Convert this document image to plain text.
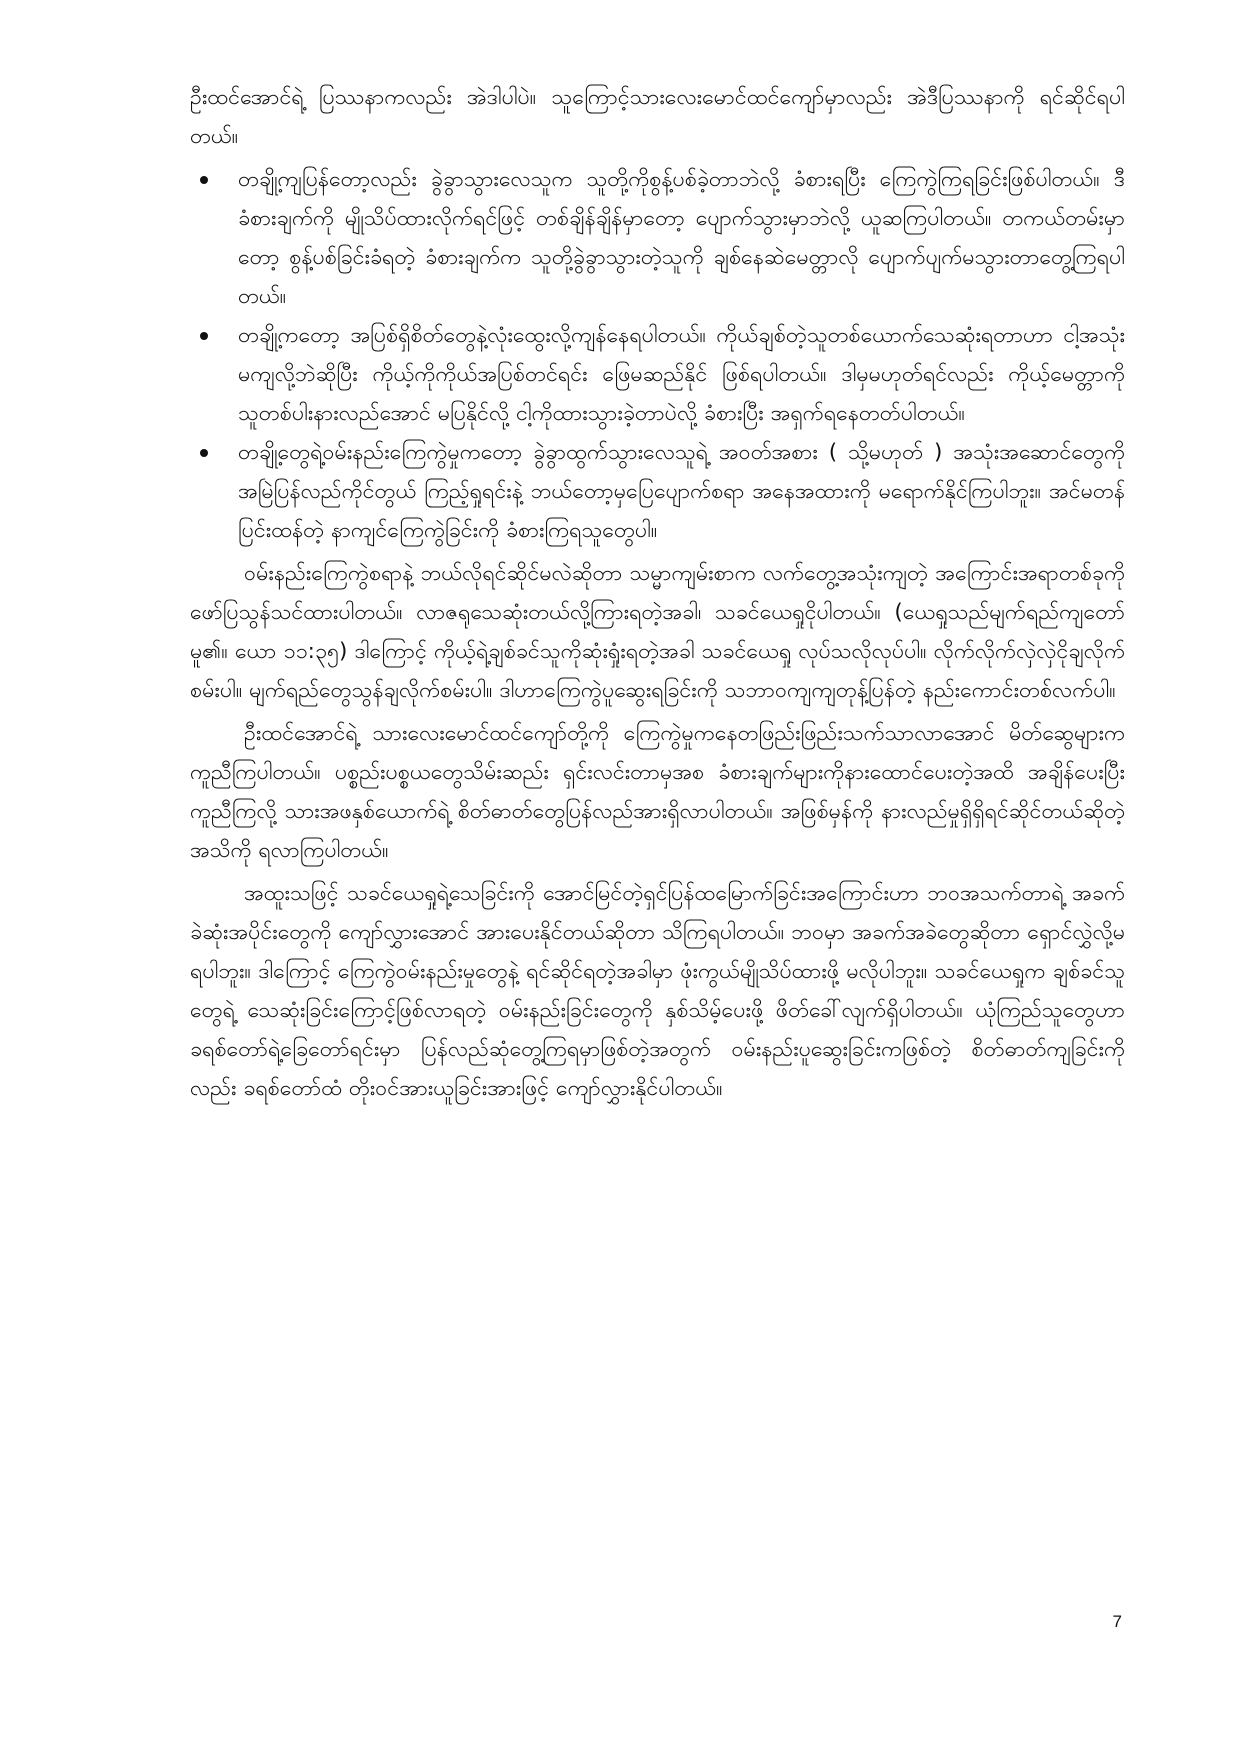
ဦးထင်အောင်ရဲ့ ပြဿနာကလည်း အဲဒါပါပဲ။ သူကြောင့်သားလေးမောင်ထင်ကျော်မှာလည်း အဲဒီပြဿနာကို ရင်ဆိုင်ရပါတယ်။

တချို့ကျပြန်တော့လည်း ခွဲခွာသွားလေသူက သူတို့ကိုစွန့်ပစ်ခဲ့တာဘဲလို့ ခံစားရပြီး ကြေကွဲကြရခြင်းဖြစ်ပါတယ်။ ဒီခံစားချက်ကို မျိုသိပ်ထားလိုက်ရင်ဖြင့် တစ်ချိန်ချိန်မှာတော့ ပျောက်သွားမှာဘဲလို့ ယူဆကြပါတယ်။ တကယ်တမ်းမှာတော့ စွန့်ပစ်ခြင်းခံရတဲ့ ခံစားချက်က သူတို့ခွဲခွာသွားတဲ့သူကို ချစ်နေဆဲမေတ္တာလို ပျောက်ပျက်မသွားတာတွေ့ကြရပါတယ်။
တချို့ကတော့ အပြစ်ရှိစိတ်တွေနဲ့လုံးထွေးလို့ကျန်နေရပါတယ်။ ကိုယ်ချစ်တဲ့သူတစ်ယောက်သေဆုံးရတာဟာ ငါ့အသုံးမကျလို့ဘဲဆိုပြီး ကိုယ့်ကိုကိုယ်အပြစ်တင်ရင်း ဖြေမဆည်နိုင် ဖြစ်ရပါတယ်။ ဒါမှမဟုတ်ရင်လည်း ကိုယ့်မေတ္တာကို သူတစ်ပါးနားလည်အောင် မပြနိုင်လို့ ငါ့ကိုထားသွားခဲ့တာပဲလို့ ခံစားပြီး အရှက်ရနေတတ်ပါတယ်။
တချို့တွေရဲ့ဝမ်းနည်းကြေကွဲမှုကတော့ ခွဲခွာထွက်သွားလေသူရဲ့ အဝတ်အစား ( သို့မဟုတ် ) အသုံးအဆောင်တွေကို အမြဲပြန်လည်ကိုင်တွယ် ကြည့်ရှုရင်းနဲ့ ဘယ်တော့မှပြေပျောက်စရာ အနေအထားကို မရောက်နိုင်ကြပါဘူး။ အင်မတန်ပြင်းထန်တဲ့ နာကျင်ကြေကွဲခြင်းကို ခံစားကြရသူတွေပါ။

ဝမ်းနည်းကြေကွဲစရာနဲ့ ဘယ်လိုရင်ဆိုင်မလဲဆိုတာ သမ္မာကျမ်းစာက လက်တွေ့အသုံးကျတဲ့ အကြောင်းအရာတစ်ခုကို ဖော်ပြသွန်သင်ထားပါတယ်။ လာဇရုသေဆုံးတယ်လို့ကြားရတဲ့အခါ၊ သခင်ယေရှုငိုပါတယ်။ (ယေရှုသည်မျက်ရည်ကျတော်မူ၏။ ယော ၁၁:၃၅) ဒါကြောင့် ကိုယ့်ရဲ့ချစ်ခင်သူကိုဆုံးရှုံးရတဲ့အခါ သခင်ယေရှု လုပ်သလိုလုပ်ပါ။ လိုက်လိုက်လှဲလှဲငိုချလိုက်စမ်းပါ။ မျက်ရည်တွေသွန်ချလိုက်စမ်းပါ။ ဒါဟာကြေကွဲပူဆွေးရခြင်းကို သဘာဝကျကျတုန့်ပြန်တဲ့ နည်းကောင်းတစ်လက်ပါ။

ဦးထင်အောင်ရဲ့ သားလေးမောင်ထင်ကျော်တို့ကို ကြေကွဲမှုကနေတဖြည်းဖြည်းသက်သာလာအောင် မိတ်ဆွေများကကူညီကြပါတယ်။ ပစ္စည်းပစ္စယတွေသိမ်းဆည်း ရှင်းလင်းတာမှအစ ခံစားချက်များကိုနားထောင်ပေးတဲ့အထိ အချိန်ပေးပြီးကူညီကြလို့ သားအဖနှစ်ယောက်ရဲ့ စိတ်ဓာတ်တွေပြန်လည်အားရှိလာပါတယ်။ အဖြစ်မှန်ကို နားလည်မှုရှိရှိရင်ဆိုင်တယ်ဆိုတဲ့ အသိကို ရလာကြပါတယ်။

အထူးသဖြင့် သခင်ယေရှုရဲ့သေခြင်းကို အောင်မြင်တဲ့ရှင်ပြန်ထမြောက်ခြင်းအကြောင်းဟာ ဘဝအသက်တာရဲ့ အခက်ခဲဆုံးအပိုင်းတွေကို ကျော်လွှားအောင် အားပေးနိုင်တယ်ဆိုတာ သိကြရပါတယ်။ ဘဝမှာ အခက်အခဲတွေဆိုတာ ရှောင်လွှဲလို့မရပါဘူး။ ဒါကြောင့် ကြေကွဲဝမ်းနည်းမှုတွေနဲ့ ရင်ဆိုင်ရတဲ့အခါမှာ ဖုံးကွယ်မျိုသိပ်ထားဖို့ မလိုပါဘူး။ သခင်ယေရှုက ချစ်ခင်သူတွေရဲ့ သေဆုံးခြင်းကြောင့်ဖြစ်လာရတဲ့ ဝမ်းနည်းခြင်းတွေကို နှစ်သိမ့်ပေးဖို့ ဖိတ်ခေါ်လျက်ရှိပါတယ်။ ယုံကြည်သူတွေဟာ ခရစ်တော်ရဲ့ခြေတော်ရင်းမှာ ပြန်လည်ဆုံတွေ့ကြရမှာဖြစ်တဲ့အတွက် ဝမ်းနည်းပူဆွေးခြင်းကဖြစ်တဲ့ စိတ်ဓာတ်ကျခြင်းကိုလည်း ခရစ်တော်ထံ တိုးဝင်အားယူခြင်းအားဖြင့် ကျော်လွှားနိုင်ပါတယ်။

7
